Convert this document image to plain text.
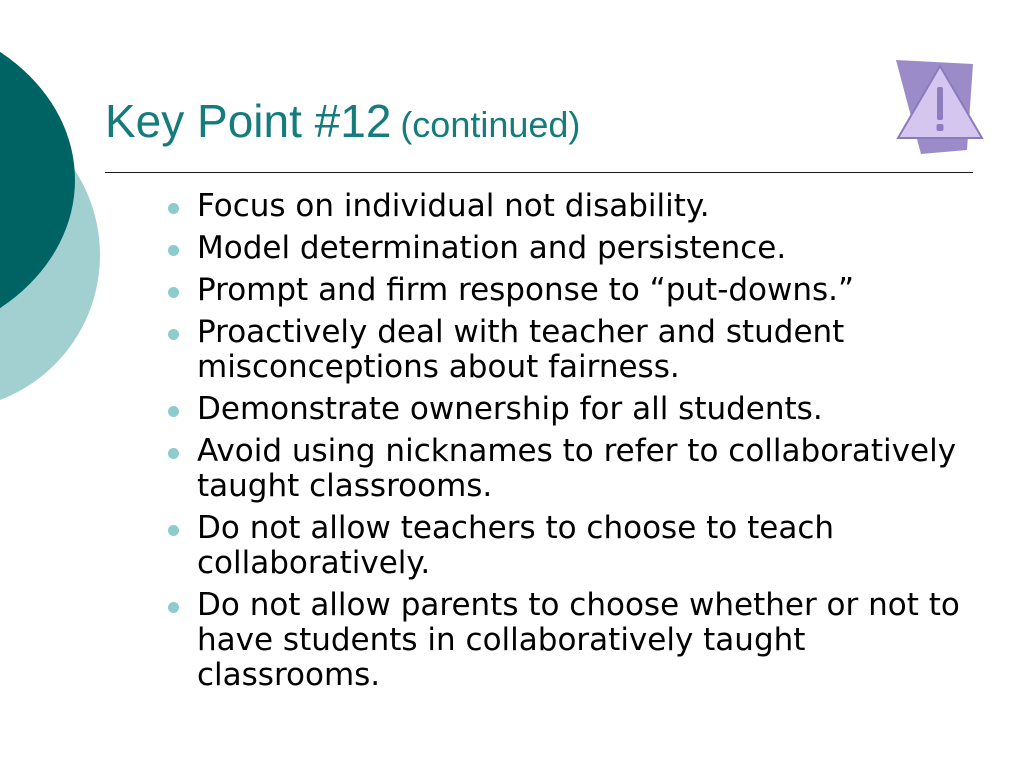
Key Point #12 (continued)
Focus on individual not disability.
Model determination and persistence.
Prompt and firm response to “put-downs.”
Proactively deal with teacher and student misconceptions about fairness.
Demonstrate ownership for all students.
Avoid using nicknames to refer to collaboratively taught classrooms.
Do not allow teachers to choose to teach collaboratively.
Do not allow parents to choose whether or not to have students in collaboratively taught classrooms.
